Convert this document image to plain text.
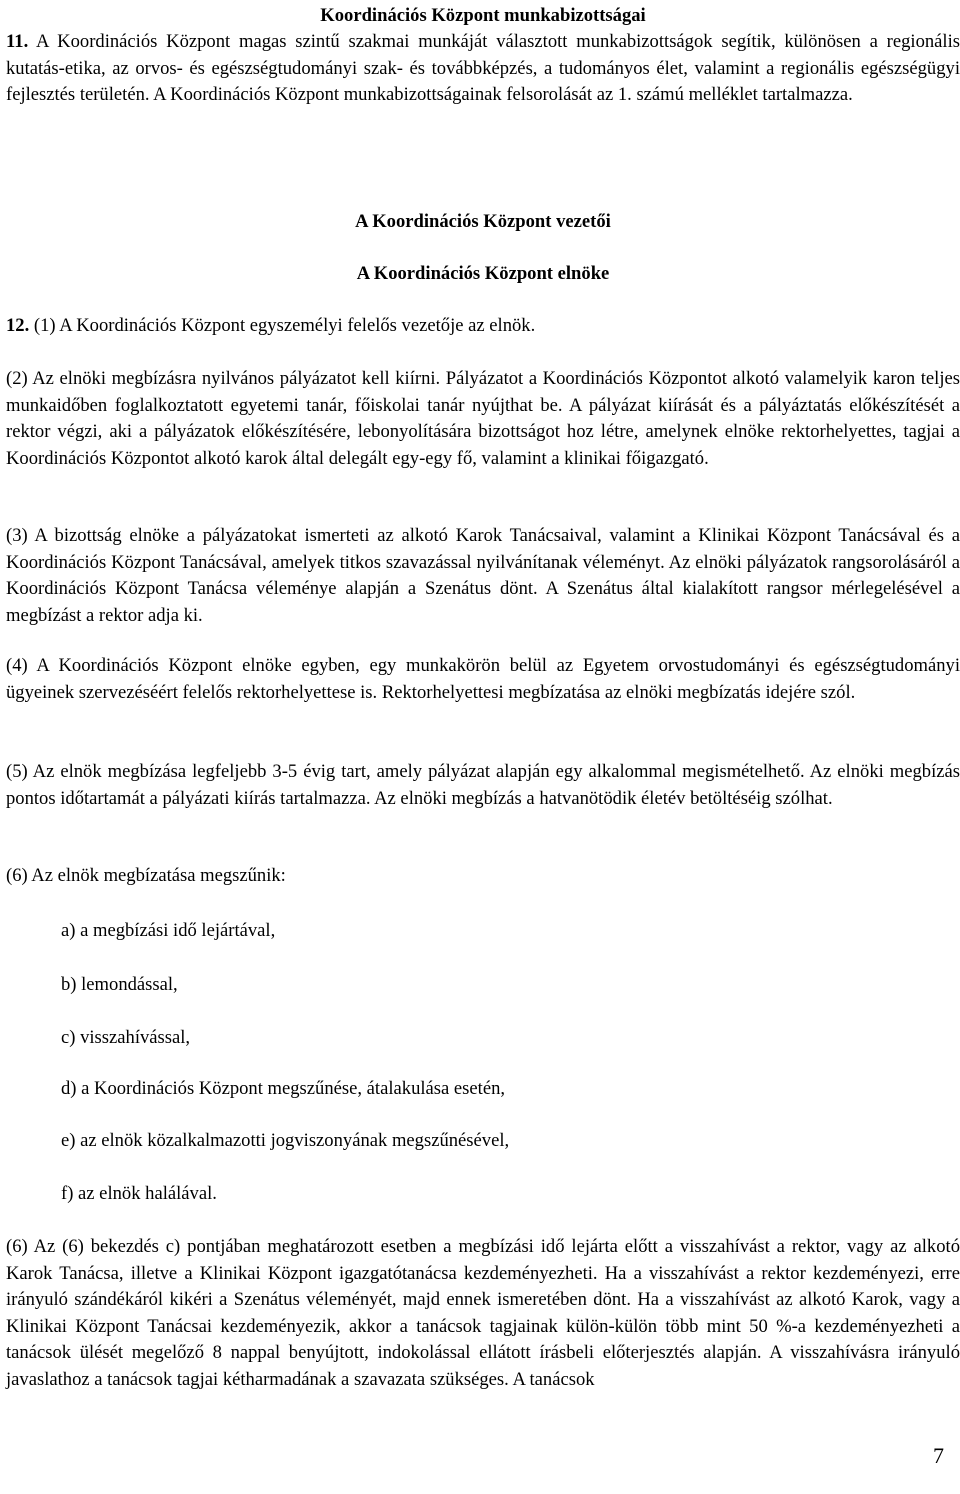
Koordinációs Központ munkabizottságai

11. A Koordinációs Központ magas szintű szakmai munkáját választott munkabizottságok segítik, különösen a regionális kutatás-etika, az orvos- és egészségtudományi szak- és továbbképzés, a tudományos élet, valamint a regionális egészségügyi fejlesztés területén. A Koordinációs Központ munkabizottságainak felsorolását az 1. számú melléklet tartalmazza.

A Koordinációs Központ vezetői

A Koordinációs Központ elnöke

12. (1) A Koordinációs Központ egyszemélyi felelős vezetője az elnök.

(2) Az elnöki megbízásra nyilvános pályázatot kell kiírni. Pályázatot a Koordinációs Központot alkotó valamelyik karon teljes munkaidőben foglalkoztatott egyetemi tanár, főiskolai tanár nyújthat be. A pályázat kiírását és a pályáztatás előkészítését a rektor végzi, aki a pályázatok előkészítésére, lebonyolítására bizottságot hoz létre, amelynek elnöke rektorhelyettes, tagjai a Koordinációs Központot alkotó karok által delegált egy-egy fő, valamint a klinikai főigazgató.

(3) A bizottság elnöke a pályázatokat ismerteti az alkotó Karok Tanácsaival, valamint a Klinikai Központ Tanácsával és a Koordinációs Központ Tanácsával, amelyek titkos szavazással nyilvánítanak véleményt. Az elnöki pályázatok rangsorolásáról a Koordinációs Központ Tanácsa véleménye alapján a Szenátus dönt. A Szenátus által kialakított rangsor mérlegelésével a megbízást a rektor adja ki.

(4) A Koordinációs Központ elnöke egyben, egy munkakörön belül az Egyetem orvostudományi és egészségtudományi ügyeinek szervezéséért felelős rektorhelyettese is. Rektorhelyettesi megbízatása az elnöki megbízatás idejére szól.

(5) Az elnök megbízása legfeljebb 3-5 évig tart, amely pályázat alapján egy alkalommal megismételhető. Az elnöki megbízás pontos időtartamát a pályázati kiírás tartalmazza. Az elnöki megbízás a hatvanötödik életév betöltéséig szólhat.

(6) Az elnök megbízatása megszűnik:

a) a megbízási idő lejártával,

b) lemondással,

c) visszahívással,

d) a Koordinációs Központ megszűnése, átalakulása esetén,

e) az elnök közalkalmazotti jogviszonyának megszűnésével,

f) az elnök halálával.

(6) Az (6) bekezdés c) pontjában meghatározott esetben a megbízási idő lejárta előtt a visszahívást a rektor, vagy az alkotó Karok Tanácsa, illetve a Klinikai Központ igazgatótanácsa kezdeményezheti. Ha a visszahívást a rektor kezdeményezi, erre irányuló szándékáról kikéri a Szenátus véleményét, majd ennek ismeretében dönt. Ha a visszahívást az alkotó Karok, vagy a Klinikai Központ Tanácsai kezdeményezik, akkor a tanácsok tagjainak külön-külön több mint 50 %-a kezdeményezheti a tanácsok ülését megelőző 8 nappal benyújtott, indokolással ellátott írásbeli előterjesztés alapján. A visszahívásra irányuló javaslathoz a tanácsok tagjai kétharmadának a szavazata szükséges. A tanácsok

7
